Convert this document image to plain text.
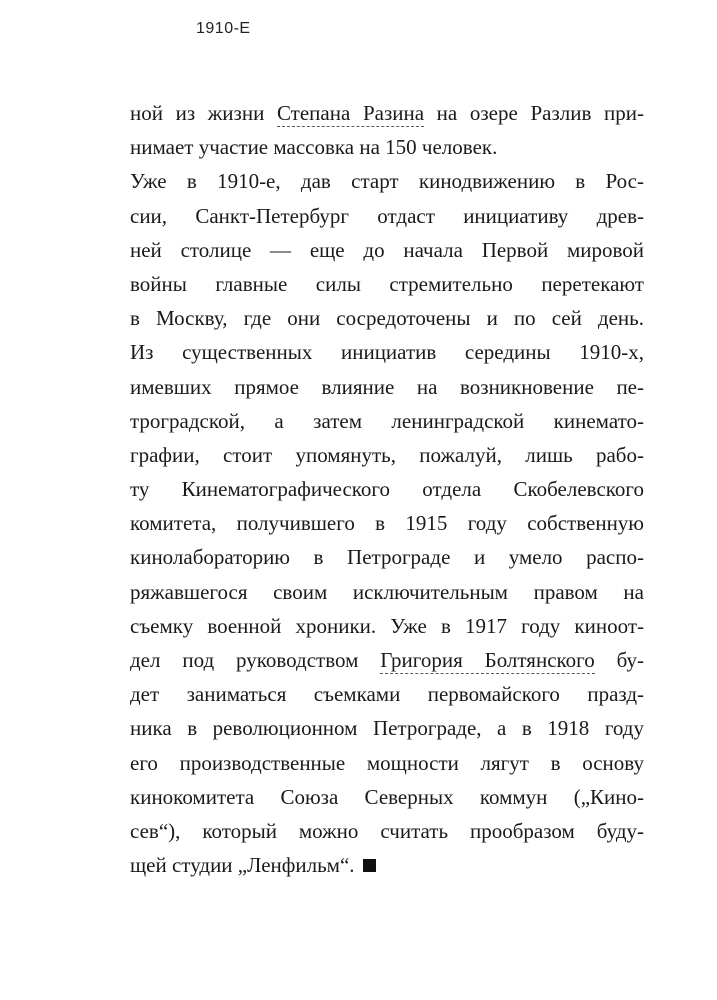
1910-Е
ной из жизни Степана Разина на озере Разлив при-
нимает участие массовка на 150 человек.
Уже в 1910-е, дав старт кинодвижению в Рос-
сии, Санкт-Петербург отдаст инициативу древ-
ней столице — еще до начала Первой мировой
войны главные силы стремительно перетекают
в Москву, где они сосредоточены и по сей день.
Из существенных инициатив середины 1910-х,
имевших прямое влияние на возникновение пе-
троградской, а затем ленинградской кинемато-
графии, стоит упомянуть, пожалуй, лишь рабо-
ту Кинематографического отдела Скобелевского
комитета, получившего в 1915 году собственную
кинолабораторию в Петрограде и умело распо-
ряжавшегося своим исключительным правом на
съемку военной хроники. Уже в 1917 году киноот-
дел под руководством Григория Болтянского бу-
дет заниматься съемками первомайского празд-
ника в революционном Петрограде, а в 1918 году
его производственные мощности лягут в основу
кинокомитета Союза Северных коммун („Кино-
сев“), который можно считать прообразом буду-
щей студии „Ленфильм“.
